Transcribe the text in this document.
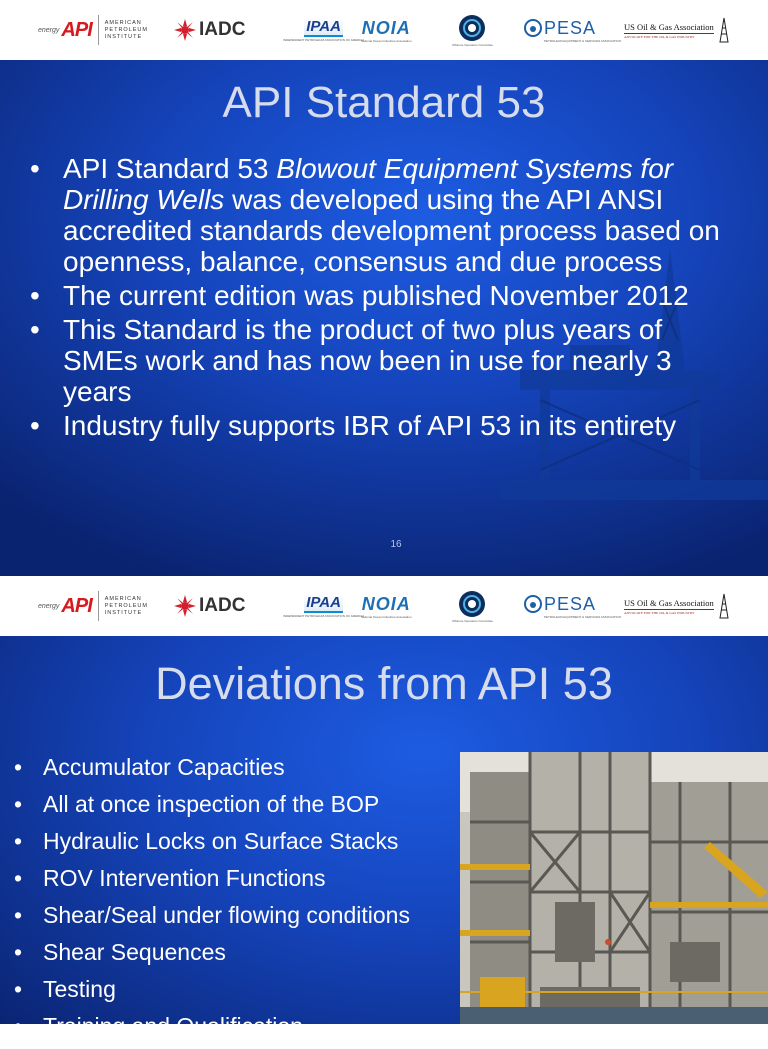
energy API AMERICAN
PETROLEUM
INSTITUTE	IADC	IPAA
INDEPENDENT PETROLEUM ASSOCIATION OF AMERICA
NOIA
National Ocean Industries Association
Offshore Operators Committee
PESA
PETROLEUM EQUIPMENT & SERVICES ASSOCIATION
US Oil & Gas Association
ADVOCATE FOR THE OIL & GAS INDUSTRY
API Standard 53
• API Standard 53 Blowout Equipment Systems for Drilling Wells was developed using the API ANSI accredited standards development process based on openness, balance, consensus and due process
• The current edition was published November 2012
• This Standard is the product of two plus years of SMEs work and has now been in use for nearly 3 years
• Industry fully supports IBR of API 53 in its entirety
16
energy API AMERICAN
PETROLEUM
INSTITUTE	IADC	IPAA
INDEPENDENT PETROLEUM ASSOCIATION OF AMERICA
NOIA
National Ocean Industries Association
Offshore Operators Committee
PESA
PETROLEUM EQUIPMENT & SERVICES ASSOCIATION
US Oil & Gas Association
ADVOCATE FOR THE OIL & GAS INDUSTRY
Deviations from API 53
• Accumulator Capacities
• All at once inspection of the BOP
• Hydraulic Locks on Surface Stacks
• ROV Intervention Functions
• Shear/Seal under flowing conditions
• Shear Sequences
• Testing
• Training and Qualification
